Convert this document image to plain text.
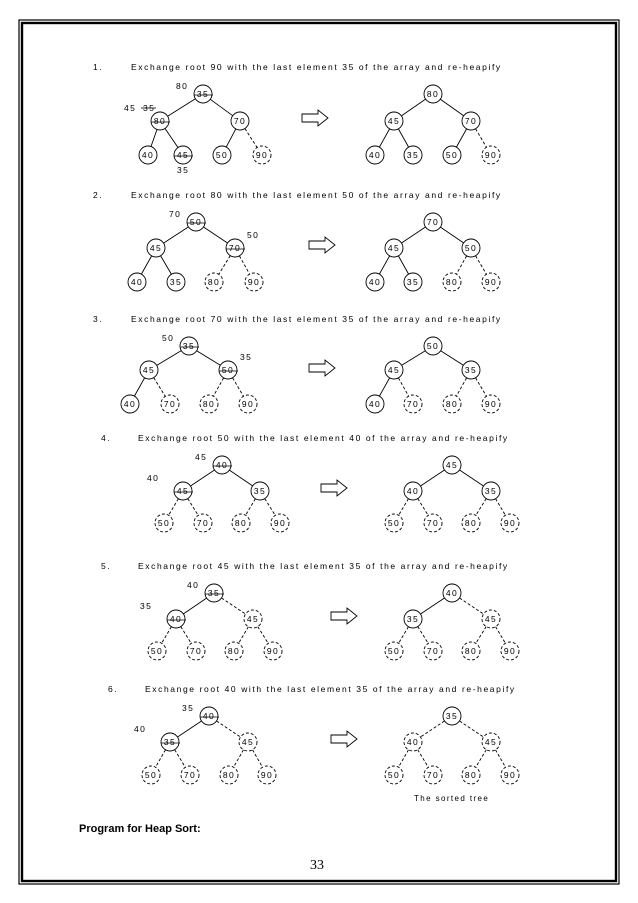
1.	Exchange root 90 with the last element 35 of the array and re-heapify
35
80	70
40	45	50	90
80
45 35
35
80
45	70
40	35	50	90
2.	Exchange root 80 with the last element 50 of the array and re-heapify
50
45	70
40	35	80	90
70
50
70
45	50
40	35	80	90
3.	Exchange root 70 with the last element 35 of the array and re-heapify
35
45	50
40	70	80	90
50
35
50
45	35
40	70	80	90
4.	Exchange root 50 with the last element 40 of the array and re-heapify
40
45	35
50	70	80	90
45
40
45
40	35
50	70	80	90
5.	Exchange root 45 with the last element 35 of the array and re-heapify
35
40	45
50	70	80	90
40
35
40
35	45
50	70	80	90
6.	Exchange root 40 with the last element 35 of the array and re-heapify
40
35	45
50	70	80	90
35
40
35
40	45
50	70	80	90
The sorted tree
Program for Heap Sort:
33
